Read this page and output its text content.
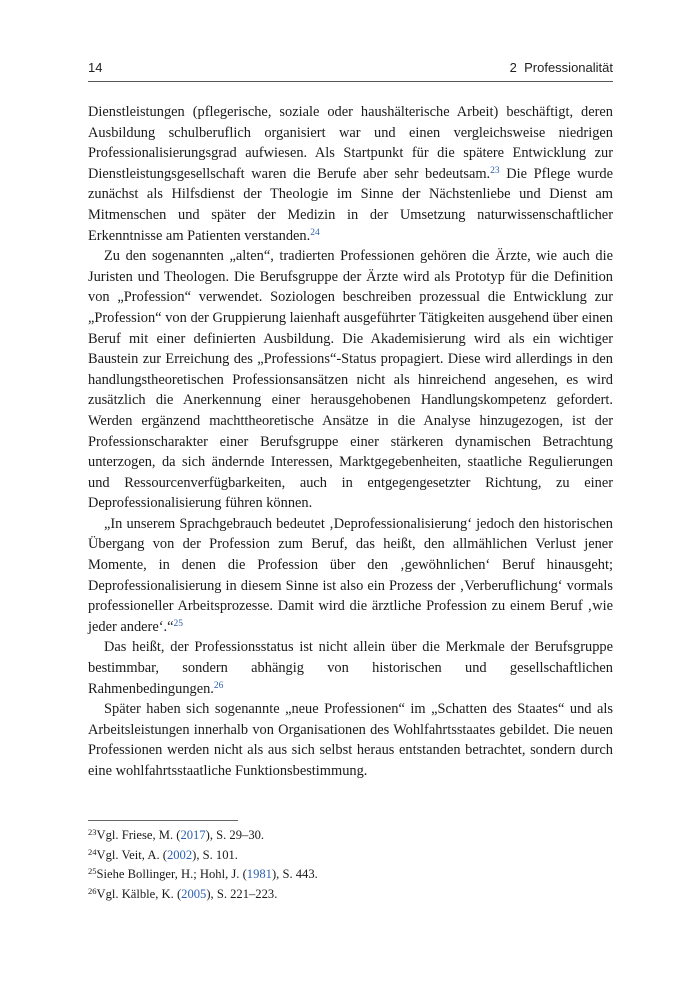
14	2  Professionalität

Dienstleistungen (pflegerische, soziale oder haushälterische Arbeit) beschäftigt, deren Ausbildung schulberuflich organisiert war und einen vergleichsweise niedrigen Professionalisierungsgrad aufwiesen. Als Startpunkt für die spätere Entwicklung zur Dienstleistungsgesellschaft waren die Berufe aber sehr bedeutsam.$^{23}$ Die Pflege wurde zunächst als Hilfsdienst der Theologie im Sinne der Nächstenliebe und Dienst am Mitmenschen und später der Medizin in der Umsetzung naturwissenschaftlicher Erkenntnisse am Patienten verstanden.$^{24}$

Zu den sogenannten „alten“, tradierten Professionen gehören die Ärzte, wie auch die Juristen und Theologen. Die Berufsgruppe der Ärzte wird als Prototyp für die Definition von „Profession“ verwendet. Soziologen beschreiben prozessual die Entwicklung zur „Profession“ von der Gruppierung laienhaft ausgeführter Tätigkeiten ausgehend über einen Beruf mit einer definierten Ausbildung. Die Akademisierung wird als ein wichtiger Baustein zur Erreichung des „Professions“-Status propagiert. Diese wird allerdings in den handlungstheoretischen Professionsansätzen nicht als hinreichend angesehen, es wird zusätzlich die Anerkennung einer herausgehobenen Handlungskompetenz gefordert. Werden ergänzend machttheoretische Ansätze in die Analyse hinzugezogen, ist der Professionscharakter einer Berufsgruppe einer stärkeren dynamischen Betrachtung unterzogen, da sich ändernde Interessen, Marktgegebenheiten, staatliche Regulierungen und Ressourcenverfügbarkeiten, auch in entgegengesetzter Richtung, zu einer Deprofessionalisierung führen können.

„In unserem Sprachgebrauch bedeutet ‚Deprofessionalisierung‘ jedoch den historischen Übergang von der Profession zum Beruf, das heißt, den allmählichen Verlust jener Momente, in denen die Profession über den ‚gewöhnlichen‘ Beruf hinausgeht; Deprofessionalisierung in diesem Sinne ist also ein Prozess der ‚Verberuflichung‘ vormals professioneller Arbeitsprozesse. Damit wird die ärztliche Profession zu einem Beruf ‚wie jeder andere‘.“$^{25}$

Das heißt, der Professionsstatus ist nicht allein über die Merkmale der Berufsgruppe bestimmbar, sondern abhängig von historischen und gesellschaftlichen Rahmenbedingungen.$^{26}$

Später haben sich sogenannte „neue Professionen“ im „Schatten des Staates“ und als Arbeitsleistungen innerhalb von Organisationen des Wohlfahrtsstaates gebildet. Die neuen Professionen werden nicht als aus sich selbst heraus entstanden betrachtet, sondern durch eine wohlfahrtsstaatliche Funktionsbestimmung.

$^{23}$Vgl. Friese, M. (2017), S. 29–30.

$^{24}$Vgl. Veit, A. (2002), S. 101.

$^{25}$Siehe Bollinger, H.; Hohl, J. (1981), S. 443.

$^{26}$Vgl. Kälble, K. (2005), S. 221–223.
